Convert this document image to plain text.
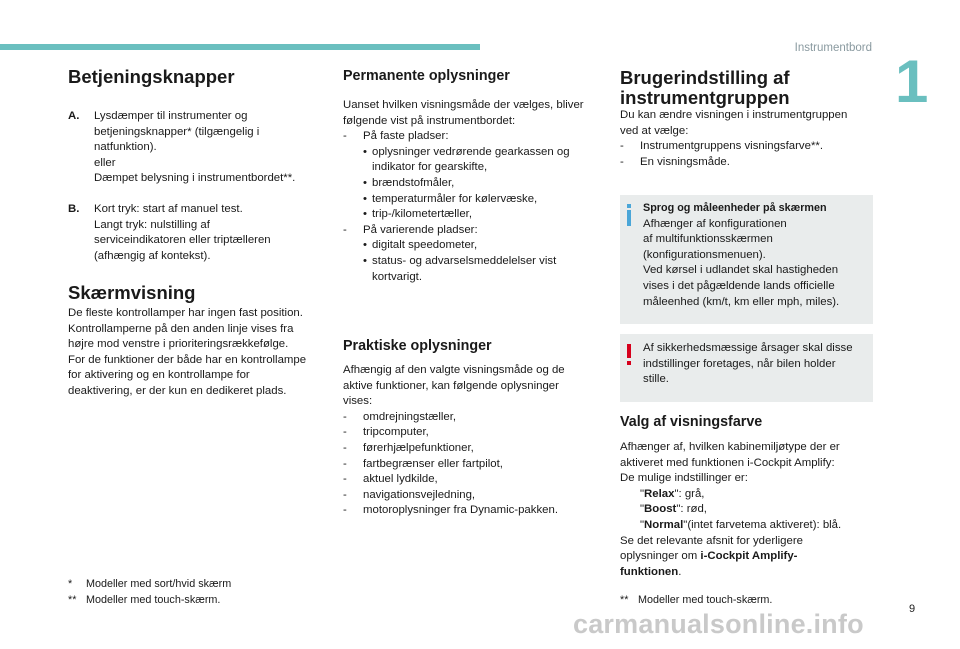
Instrumentbord 1
Betjeningsknapper
A.	Lysdæmper til instrumenter og
betjeningsknapper* (tilgængelig i
natfunktion).
eller
Dæmpet belysning i instrumentbordet**.
B.	Kort tryk: start af manuel test.
Langt tryk: nulstilling af
serviceindikatoren eller triptælleren
(afhængig af kontekst).
Skærmvisning
De fleste kontrollamper har ingen fast position.
Kontrollamperne på den anden linje vises fra
højre mod venstre i prioriteringsrækkefølge.
For de funktioner der både har en kontrollampe
for aktivering og en kontrollampe for
deaktivering, er der kun en dedikeret plads.
*	Modeller med sort/hvid skærm
** Modeller med touch-skærm.
Permanente oplysninger
Uanset hvilken visningsmåde der vælges, bliver
følgende vist på instrumentbordet:
-	På faste pladser:
• oplysninger vedrørende gearkassen og
indikator for gearskifte,
• brændstofmåler,
• temperaturmåler for kølervæske,
• trip-/kilometertæller,
-	På varierende pladser:
• digitalt speedometer,
• status- og advarselsmeddelelser vist
kortvarigt.
Praktiske oplysninger
Afhængig af den valgte visningsmåde og de
aktive funktioner, kan følgende oplysninger
vises:
-	omdrejningstæller,
-	tripcomputer,
-	førerhjælpefunktioner,
-	fartbegrænser eller fartpilot,
-	aktuel lydkilde,
-	navigationsvejledning,
-	motoroplysninger fra Dynamic-pakken.
Brugerindstilling af
instrumentgruppen
Du kan ændre visningen i instrumentgruppen
ved at vælge:
-	Instrumentgruppens visningsfarve**.
-	En visningsmåde.
Sprog og måleenheder på skærmen
Afhænger af konfigurationen
af multifunktionsskærmen
(konfigurationsmenuen).
Ved kørsel i udlandet skal hastigheden
vises i det pågældende lands officielle
måleenhed (km/t, km eller mph, miles).
Af sikkerhedsmæssige årsager skal disse
indstillinger foretages, når bilen holder
stille.
Valg af visningsfarve
Afhænger af, hvilken kabinemiljøtype der er
aktiveret med funktionen i-Cockpit Amplify:
De mulige indstillinger er:
" Relax " : grå,
" Boost " : rød,
" Normal " (intet farvetema aktiveret): blå.
Se det relevante afsnit for yderligere
oplysninger om i-Cockpit Amplify-
funktionen.
** Modeller med touch-skærm.
9
carmanualsonline.info
